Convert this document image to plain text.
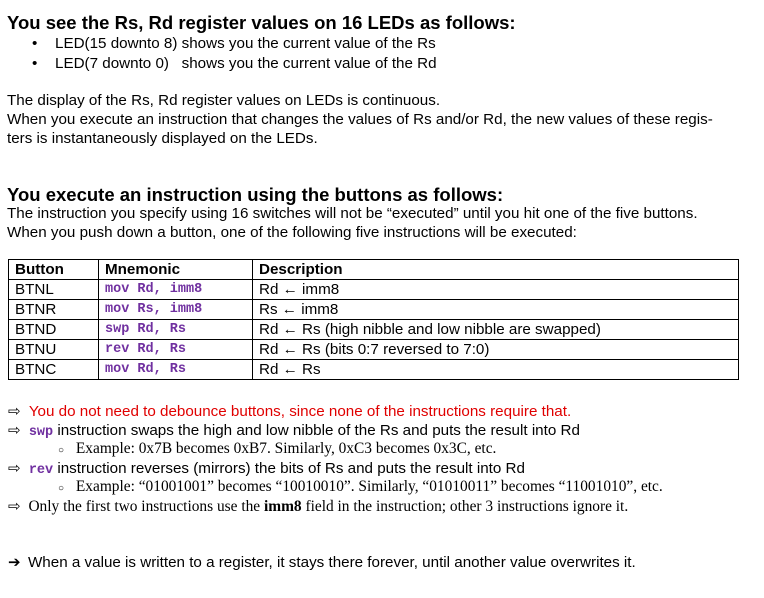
You see the Rs, Rd register values on 16 LEDs as follows:
• LED(15 downto 8) shows you the current value of the Rs
• LED(7 downto 0)   shows you the current value of the Rd
The display of the Rs, Rd register values on LEDs is continuous.
When you execute an instruction that changes the values of Rs and/or Rd, the new values of these regis-
ters is instantaneously displayed on the LEDs.
You execute an instruction using the buttons as follows:
The instruction you specify using 16 switches will not be “executed” until you hit one of the five buttons.
When you push down a button, one of the following five instructions will be executed:
Button	Mnemonic	Description
BTNL	mov Rd, imm8	Rd ← imm8
BTNR	mov Rs, imm8	Rs ← imm8
BTND	swp Rd, Rs	Rd ← Rs (high nibble and low nibble are swapped)
BTNU	rev Rd, Rs	Rd ← Rs (bits 0:7 reversed to 7:0)
BTNC	mov Rd, Rs	Rd ← Rs
⇨ You do not need to debounce buttons, since none of the instructions require that.
⇨ swp instruction swaps the high and low nibble of the Rs and puts the result into Rd
○ Example: 0x7B becomes 0xB7. Similarly, 0xC3 becomes 0x3C, etc.
⇨ rev instruction reverses (mirrors) the bits of Rs and puts the result into Rd
○ Example: “01001001” becomes “10010010”. Similarly, “01010011” becomes “11001010”, etc.
⇨ Only the first two instructions use the imm8 field in the instruction; other 3 instructions ignore it.
➔ When a value is written to a register, it stays there forever, until another value overwrites it.
